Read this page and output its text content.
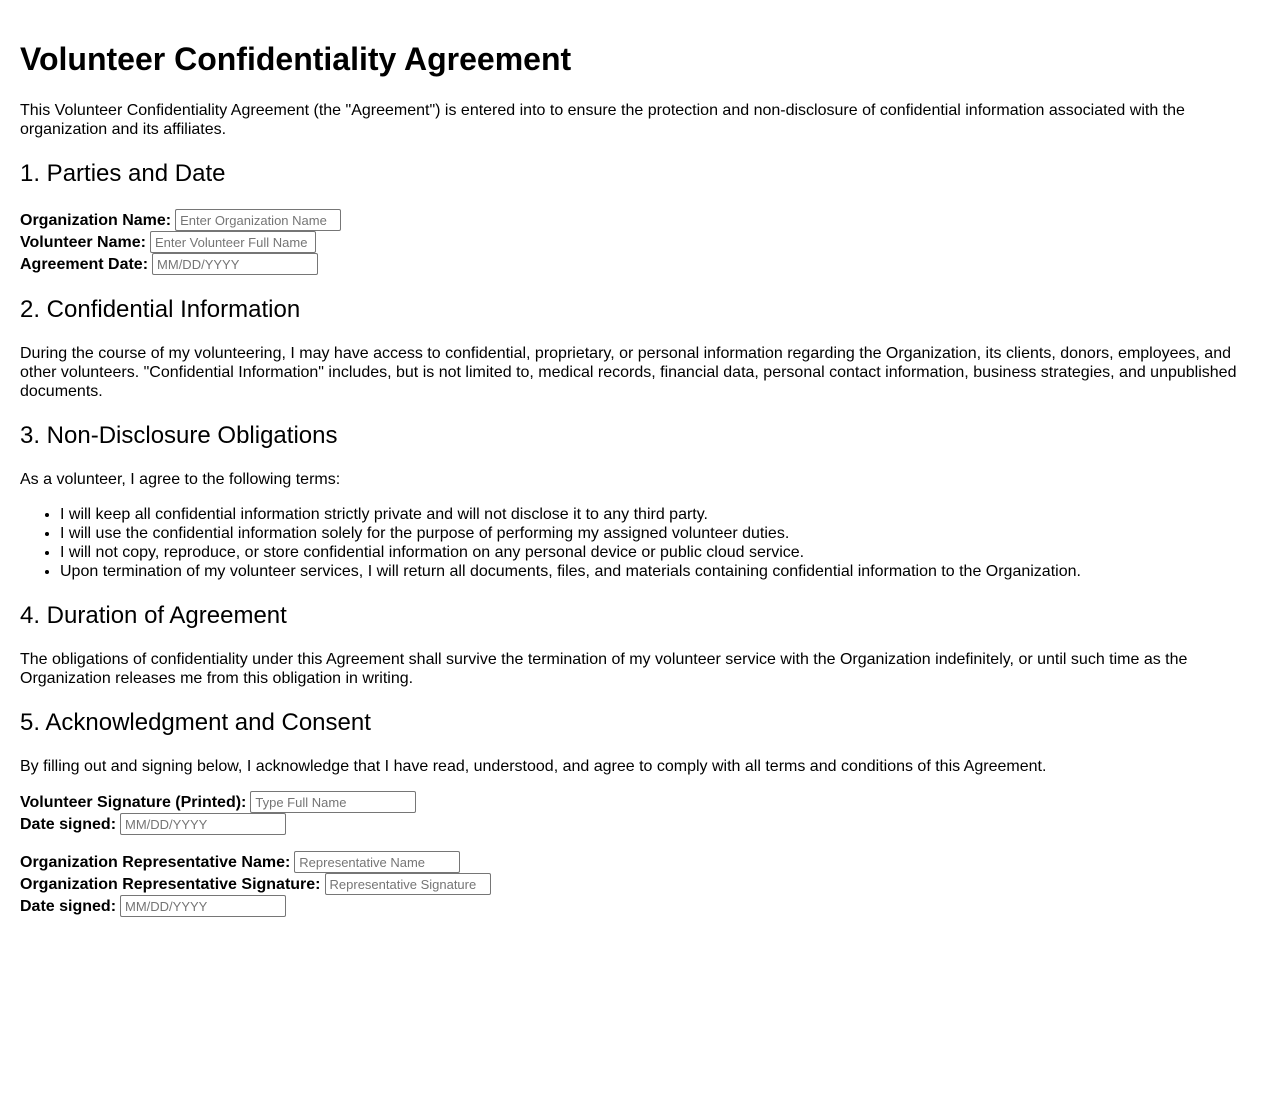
Volunteer Confidentiality Agreement

This Volunteer Confidentiality Agreement (the "Agreement") is entered into to ensure the protection and non-disclosure of confidential information associated with the organization and its affiliates.

1. Parties and Date
Organization Name:
Enter Organization Name
Volunteer Name:
Enter Volunteer Full Name
Agreement Date:
MM/DD/YYYY
2. Confidential Information

During the course of my volunteering, I may have access to confidential, proprietary, or personal information regarding the Organization, its clients, donors, employees, and other volunteers. "Confidential Information" includes, but is not limited to, medical records, financial data, personal contact information, business strategies, and unpublished documents.

3. Non-Disclosure Obligations

As a volunteer, I agree to the following terms:

• I will keep all confidential information strictly private and will not disclose it to any third party.
• I will use the confidential information solely for the purpose of performing my assigned volunteer duties.
• I will not copy, reproduce, or store confidential information on any personal device or public cloud service.
• Upon termination of my volunteer services, I will return all documents, files, and materials containing confidential information to the Organization.
4. Duration of Agreement

The obligations of confidentiality under this Agreement shall survive the termination of my volunteer service with the Organization indefinitely, or until such time as the Organization releases me from this obligation in writing.

5. Acknowledgment and Consent

By filling out and signing below, I acknowledge that I have read, understood, and agree to comply with all terms and conditions of this Agreement.

Volunteer Signature (Printed):
Type Full Name
Date signed:
MM/DD/YYYY
Organization Representative Name:
Representative Name
Organization Representative Signature:
Representative Signature
Date signed:
MM/DD/YYYY
